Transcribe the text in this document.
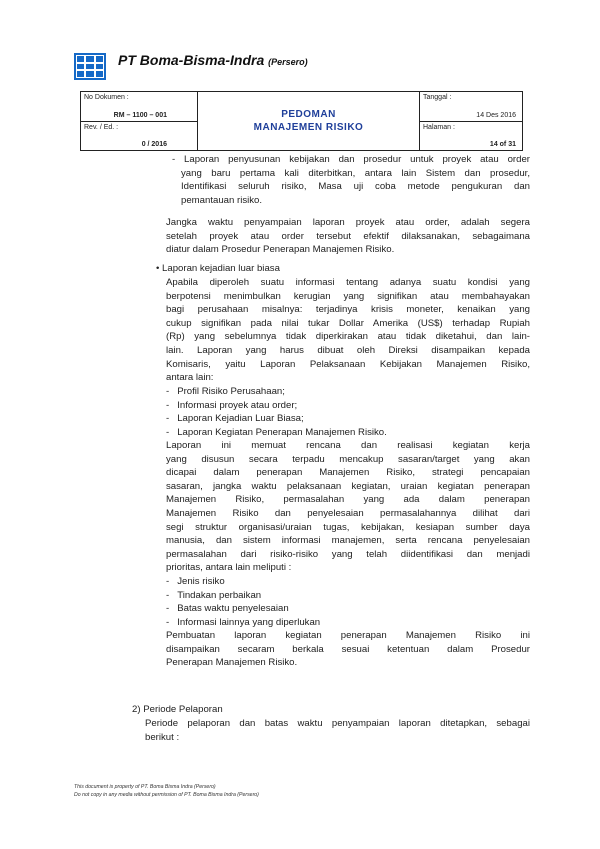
PT Boma-Bisma-Indra (Persero)
No Dokumen :
RM – 1100 – 001
Rev. / Ed. :
0 / 2016
PEDOMAN
MANAJEMEN RISIKO
Tanggal :
14 Des 2016
Halaman :
14 of 31
- Laporan penyusunan kebijakan dan prosedur untuk proyek atau order
yang baru pertama kali diterbitkan, antara lain Sistem dan prosedur,
Identifikasi seluruh risiko, Masa uji coba metode pengukuran dan
pemantauan risiko.
Jangka waktu penyampaian laporan proyek atau order, adalah segera
setelah proyek atau order tersebut efektif dilaksanakan, sebagaimana
diatur dalam Prosedur Penerapan Manajemen Risiko.
• Laporan kejadian luar biasa
Apabila diperoleh suatu informasi tentang adanya suatu kondisi yang
berpotensi menimbulkan kerugian yang signifikan atau membahayakan
bagi perusahaan misalnya: terjadinya krisis moneter, kenaikan yang
cukup signifikan pada nilai tukar Dollar Amerika (US$) terhadap Rupiah
(Rp) yang sebelumnya tidak diperkirakan atau tidak diketahui, dan lain-
lain. Laporan yang harus dibuat oleh Direksi disampaikan kepada
Komisaris, yaitu Laporan Pelaksanaan Kebijakan Manajemen Risiko,
antara lain:
-   Profil Risiko Perusahaan;
-   Informasi proyek atau order;
-   Laporan Kejadian Luar Biasa;
-   Laporan Kegiatan Penerapan Manajemen Risiko.
Laporan ini memuat rencana dan realisasi kegiatan kerja
yang disusun secara terpadu mencakup sasaran/target yang akan
dicapai dalam penerapan Manajemen Risiko, strategi pencapaian
sasaran, jangka waktu pelaksanaan kegiatan, uraian kegiatan penerapan
Manajemen Risiko, permasalahan yang ada dalam penerapan
Manajemen Risiko dan penyelesaian permasalahannya dilihat dari
segi struktur organisasi/uraian tugas, kebijakan, kesiapan sumber daya
manusia, dan sistem informasi manajemen, serta rencana penyelesaian
permasalahan dari risiko-risiko yang telah diidentifikasi dan menjadi
prioritas, antara lain meliputi :
-   Jenis risiko
-   Tindakan perbaikan
-   Batas waktu penyelesaian
-   Informasi lainnya yang diperlukan
Pembuatan laporan kegiatan penerapan Manajemen Risiko ini
disampaikan secaram berkala sesuai ketentuan dalam Prosedur
Penerapan Manajemen Risiko.
2) Periode Pelaporan
Periode pelaporan dan batas waktu penyampaian laporan ditetapkan, sebagai
berikut :
This document is property of PT. Boma Bisma Indra (Persero)
Do not copy in any media without permission of PT. Boma Bisma Indra (Persero)
